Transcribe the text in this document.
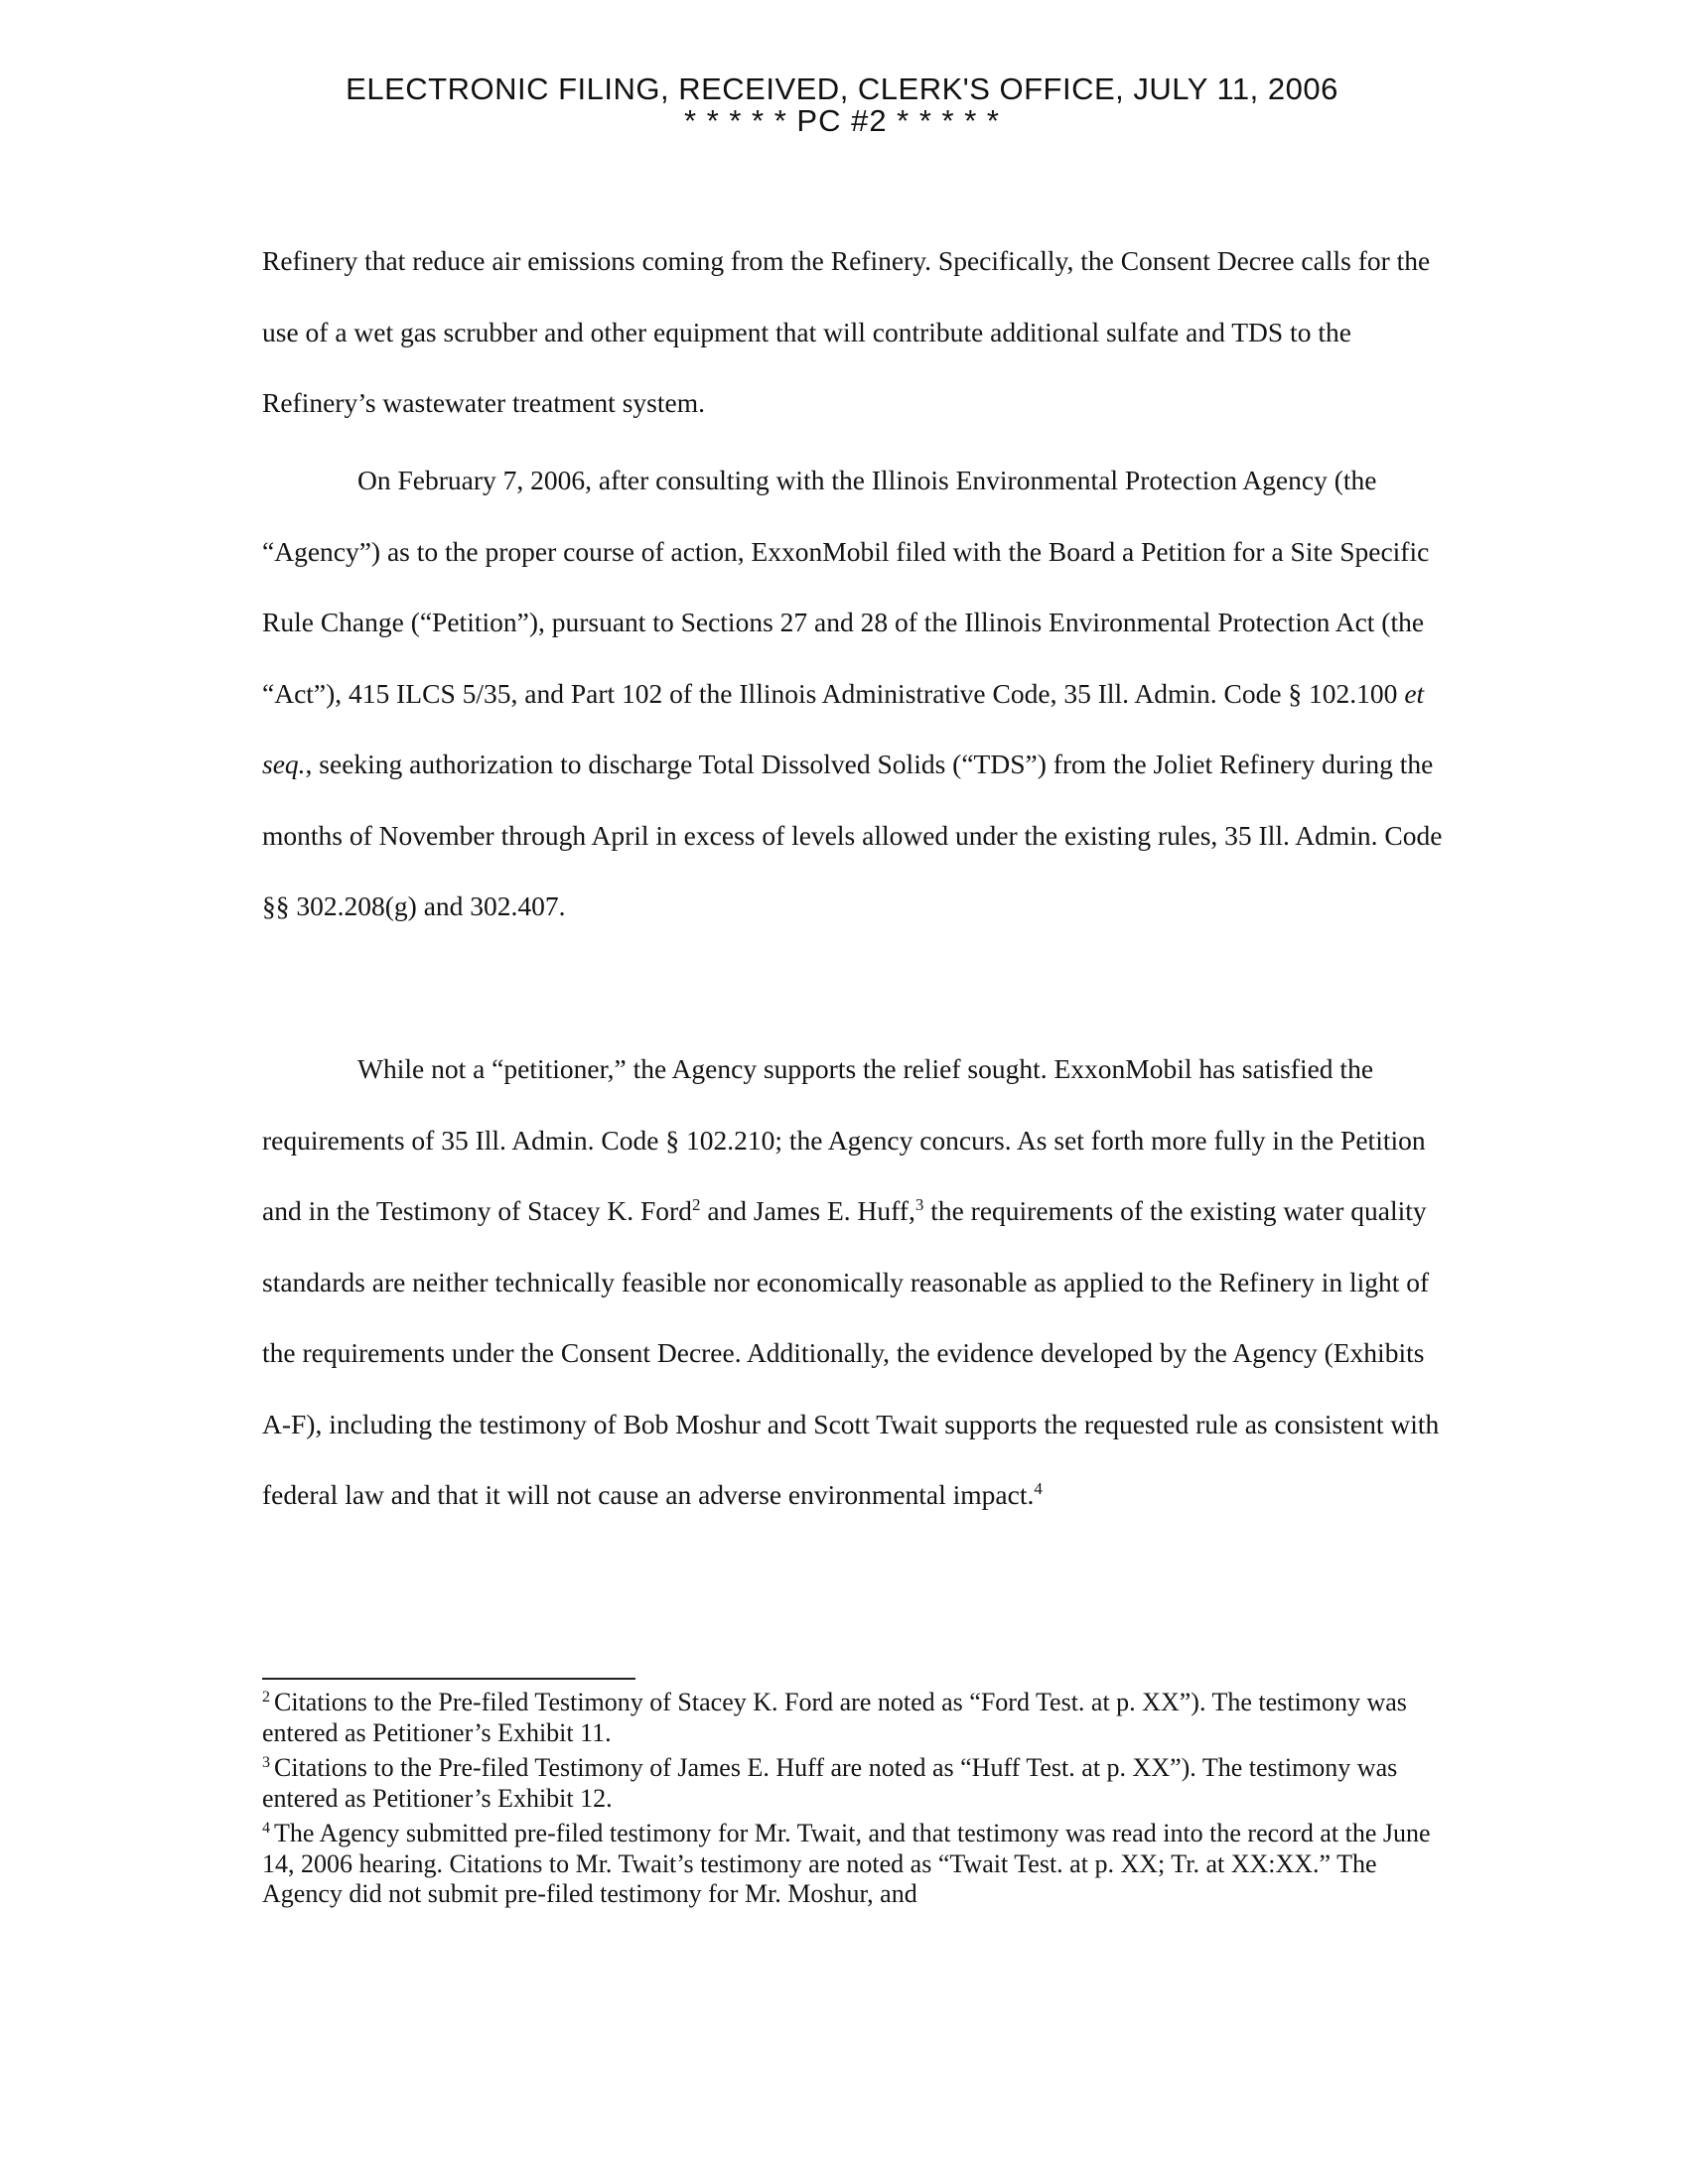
ELECTRONIC FILING, RECEIVED, CLERK'S OFFICE, JULY 11, 2006
* * * * * PC #2 * * * * *

Refinery that reduce air emissions coming from the Refinery. Specifically, the Consent Decree calls for the use of a wet gas scrubber and other equipment that will contribute additional sulfate and TDS to the Refinery’s wastewater treatment system.

On February 7, 2006, after consulting with the Illinois Environmental Protection Agency (the “Agency”) as to the proper course of action, ExxonMobil filed with the Board a Petition for a Site Specific Rule Change (“Petition”), pursuant to Sections 27 and 28 of the Illinois Environmental Protection Act (the “Act”), 415 ILCS 5/35, and Part 102 of the Illinois Administrative Code, 35 Ill. Admin. Code § 102.100 et seq., seeking authorization to discharge Total Dissolved Solids (“TDS”) from the Joliet Refinery during the months of November through April in excess of levels allowed under the existing rules, 35 Ill. Admin. Code §§ 302.208(g) and 302.407.

While not a “petitioner,” the Agency supports the relief sought. ExxonMobil has satisfied the requirements of 35 Ill. Admin. Code § 102.210; the Agency concurs. As set forth more fully in the Petition and in the Testimony of Stacey K. Ford$^2$ and James E. Huff,$^3$ the requirements of the existing water quality standards are neither technically feasible nor economically reasonable as applied to the Refinery in light of the requirements under the Consent Decree. Additionally, the evidence developed by the Agency (Exhibits A-F), including the testimony of Bob Moshur and Scott Twait supports the requested rule as consistent with federal law and that it will not cause an adverse environmental impact.$^4$

$^2$ Citations to the Pre-filed Testimony of Stacey K. Ford are noted as “Ford Test. at p. XX”). The testimony was entered as Petitioner’s Exhibit 11.

$^3$ Citations to the Pre-filed Testimony of James E. Huff are noted as “Huff Test. at p. XX”). The testimony was entered as Petitioner’s Exhibit 12.

$^4$ The Agency submitted pre-filed testimony for Mr. Twait, and that testimony was read into the record at the June 14, 2006 hearing. Citations to Mr. Twait’s testimony are noted as “Twait Test. at p. XX; Tr. at XX:XX.” The Agency did not submit pre-filed testimony for Mr. Moshur, and
